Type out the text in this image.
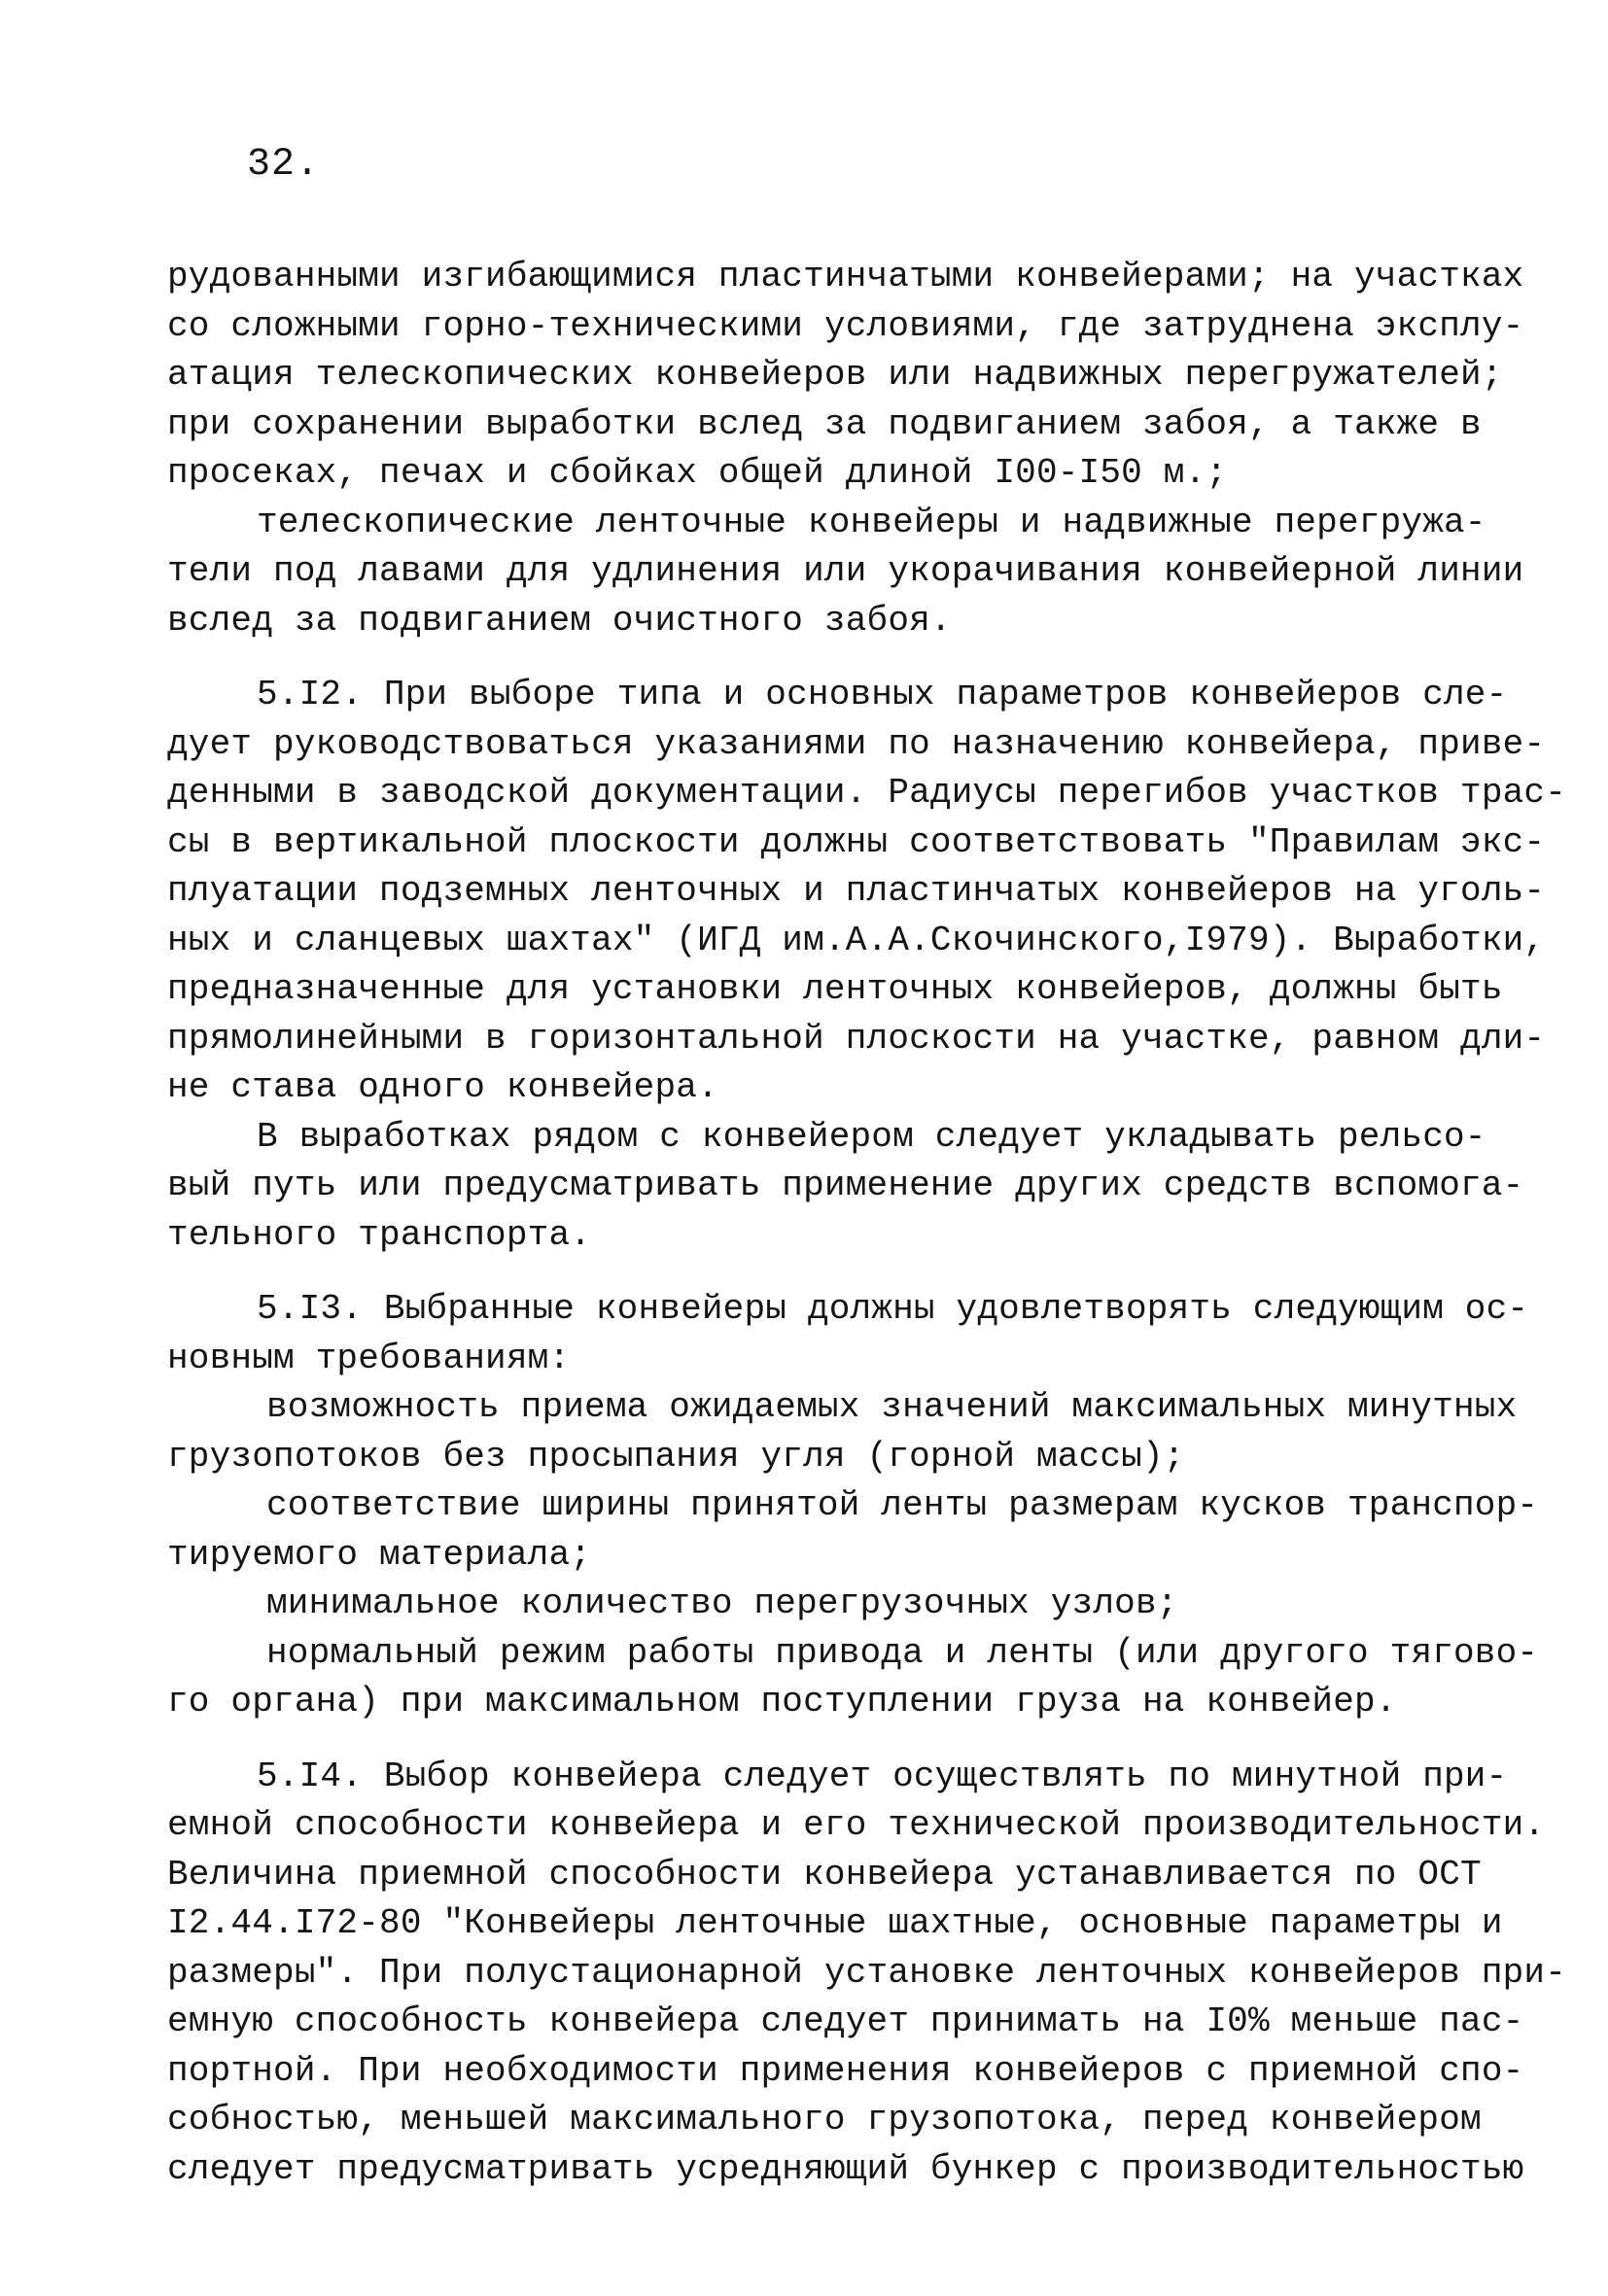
32.
рудованными изгибающимися пластинчатыми конвейерами; на участках
со сложными горно-техническими условиями, где затруднена эксплу-
атация телескопических конвейеров или надвижных перегружателей;
при сохранении выработки вслед за подвиганием забоя, а также в
просеках, печах и сбойках общей длиной I00-I50 м.;
телескопические ленточные конвейеры и надвижные перегружа-
тели под лавами для удлинения или укорачивания конвейерной линии
вслед за подвиганием очистного забоя.
5.I2. При выборе типа и основных параметров конвейеров сле-
дует руководствоваться указаниями по назначению конвейера, приве-
денными в заводской документации. Радиусы перегибов участков трас-
сы в вертикальной плоскости должны соответствовать "Правилам экс-
плуатации подземных ленточных и пластинчатых конвейеров на уголь-
ных и сланцевых шахтах" (ИГД им.А.А.Скочинского,I979). Выработки,
предназначенные для установки ленточных конвейеров, должны быть
прямолинейными в горизонтальной плоскости на участке, равном дли-
не става одного конвейера.
В выработках рядом с конвейером следует укладывать рельсо-
вый путь или предусматривать применение других средств вспомога-
тельного транспорта.
5.I3. Выбранные конвейеры должны удовлетворять следующим ос-
новным требованиям:
возможность приема ожидаемых значений максимальных минутных
грузопотоков без просыпания угля (горной массы);
соответствие ширины принятой ленты размерам кусков транспор-
тируемого материала;
минимальное количество перегрузочных узлов;
нормальный режим работы привода и ленты (или другого тягово-
го органа) при максимальном поступлении груза на конвейер.
5.I4. Выбор конвейера следует осуществлять по минутной при-
емной способности конвейера и его технической производительности.
Величина приемной способности конвейера устанавливается по ОСТ
I2.44.I72-80 "Конвейеры ленточные шахтные, основные параметры и
размеры". При полустационарной установке ленточных конвейеров при-
емную способность конвейера следует принимать на I0% меньше пас-
портной. При необходимости применения конвейеров с приемной спо-
собностью, меньшей максимального грузопотока, перед конвейером
следует предусматривать усредняющий бункер с производительностью
